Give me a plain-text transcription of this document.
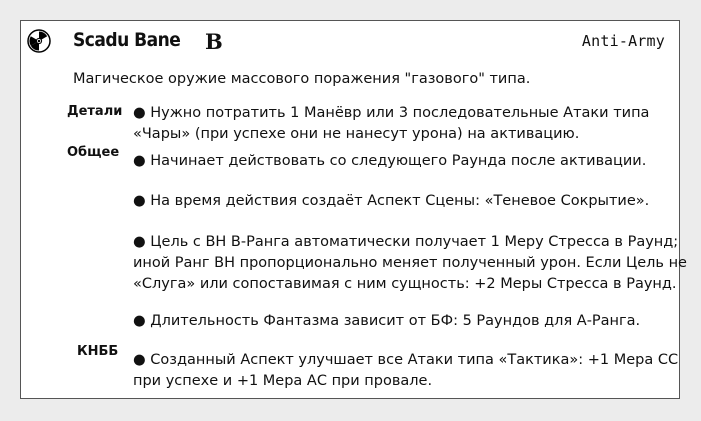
Scadu Bane B	Anti-Army
Магическое оружие массового поражения "газового" типа.
Детали
Общее
КНББ
● Нужно потратить 1 Манёвр или 3 последовательные Атаки типа
«Чары» (при успехе они не нанесут урона) на активацию.
● Начинает действовать со следующего Раунда после активации.
● На время действия создаёт Аспект Сцены: «Теневое Сокрытие».
● Цель с ВН В-Ранга автоматически получает 1 Меру Стресса в Раунд;
иной Ранг ВН пропорционально меняет полученный урон. Если Цель не
«Слуга» или сопоставимая с ним сущность: +2 Меры Стресса в Раунд.
● Длительность Фантазма зависит от БФ: 5 Раундов для А-Ранга.
● Созданный Аспект улучшает все Атаки типа «Тактика»: +1 Мера СС
при успехе и +1 Мера АС при провале.
